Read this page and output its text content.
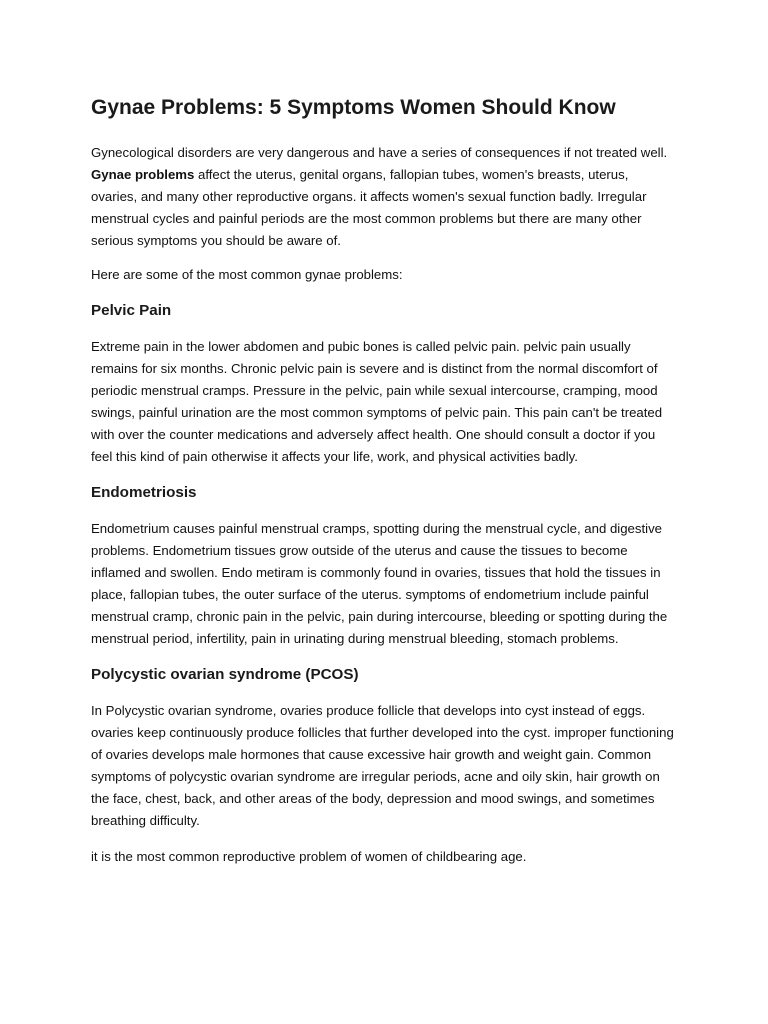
Gynae Problems: 5 Symptoms Women Should Know

Gynecological disorders are very dangerous and have a series of consequences if not treated well. Gynae problems affect the uterus, genital organs, fallopian tubes, women's breasts, uterus, ovaries, and many other reproductive organs. it affects women's sexual function badly. Irregular menstrual cycles and painful periods are the most common problems but there are many other serious symptoms you should be aware of.

Here are some of the most common gynae problems:

Pelvic Pain

Extreme pain in the lower abdomen and pubic bones is called pelvic pain. pelvic pain usually remains for six months. Chronic pelvic pain is severe and is distinct from the normal discomfort of periodic menstrual cramps. Pressure in the pelvic, pain while sexual intercourse, cramping, mood swings, painful urination are the most common symptoms of pelvic pain. This pain can't be treated with over the counter medications and adversely affect health. One should consult a doctor if you feel this kind of pain otherwise it affects your life, work, and physical activities badly.

Endometriosis

Endometrium causes painful menstrual cramps, spotting during the menstrual cycle, and digestive problems. Endometrium tissues grow outside of the uterus and cause the tissues to become inflamed and swollen. Endo metiram is commonly found in ovaries, tissues that hold the tissues in place, fallopian tubes, the outer surface of the uterus. symptoms of endometrium include painful menstrual cramp, chronic pain in the pelvic, pain during intercourse, bleeding or spotting during the menstrual period, infertility, pain in urinating during menstrual bleeding, stomach problems.

Polycystic ovarian syndrome (PCOS)

In Polycystic ovarian syndrome, ovaries produce follicle that develops into cyst instead of eggs. ovaries keep continuously produce follicles that further developed into the cyst. improper functioning of ovaries develops male hormones that cause excessive hair growth and weight gain. Common symptoms of polycystic ovarian syndrome are irregular periods, acne and oily skin, hair growth on the face, chest, back, and other areas of the body, depression and mood swings, and sometimes breathing difficulty.

it is the most common reproductive problem of women of childbearing age.
